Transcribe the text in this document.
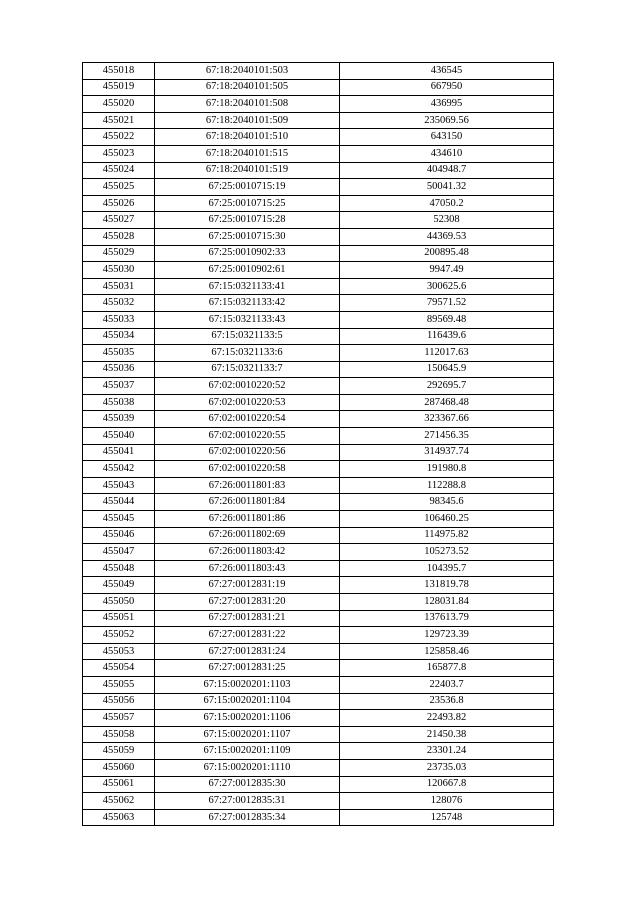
455018	67:18:2040101:503	436545
455019	67:18:2040101:505	667950
455020	67:18:2040101:508	436995
455021	67:18:2040101:509	235069.56
455022	67:18:2040101:510	643150
455023	67:18:2040101:515	434610
455024	67:18:2040101:519	404948.7
455025	67:25:0010715:19	50041.32
455026	67:25:0010715:25	47050.2
455027	67:25:0010715:28	52308
455028	67:25:0010715:30	44369.53
455029	67:25:0010902:33	200895.48
455030	67:25:0010902:61	9947.49
455031	67:15:0321133:41	300625.6
455032	67:15:0321133:42	79571.52
455033	67:15:0321133:43	89569.48
455034	67:15:0321133:5	116439.6
455035	67:15:0321133:6	112017.63
455036	67:15:0321133:7	150645.9
455037	67:02:0010220:52	292695.7
455038	67:02:0010220:53	287468.48
455039	67:02:0010220:54	323367.66
455040	67:02:0010220:55	271456.35
455041	67:02:0010220:56	314937.74
455042	67:02:0010220:58	191980.8
455043	67:26:0011801:83	112288.8
455044	67:26:0011801:84	98345.6
455045	67:26:0011801:86	106460.25
455046	67:26:0011802:69	114975.82
455047	67:26:0011803:42	105273.52
455048	67:26:0011803:43	104395.7
455049	67:27:0012831:19	131819.78
455050	67:27:0012831:20	128031.84
455051	67:27:0012831:21	137613.79
455052	67:27:0012831:22	129723.39
455053	67:27:0012831:24	125858.46
455054	67:27:0012831:25	165877.8
455055	67:15:0020201:1103	22403.7
455056	67:15:0020201:1104	23536.8
455057	67:15:0020201:1106	22493.82
455058	67:15:0020201:1107	21450.38
455059	67:15:0020201:1109	23301.24
455060	67:15:0020201:1110	23735.03
455061	67:27:0012835:30	120667.8
455062	67:27:0012835:31	128076
455063	67:27:0012835:34	125748
